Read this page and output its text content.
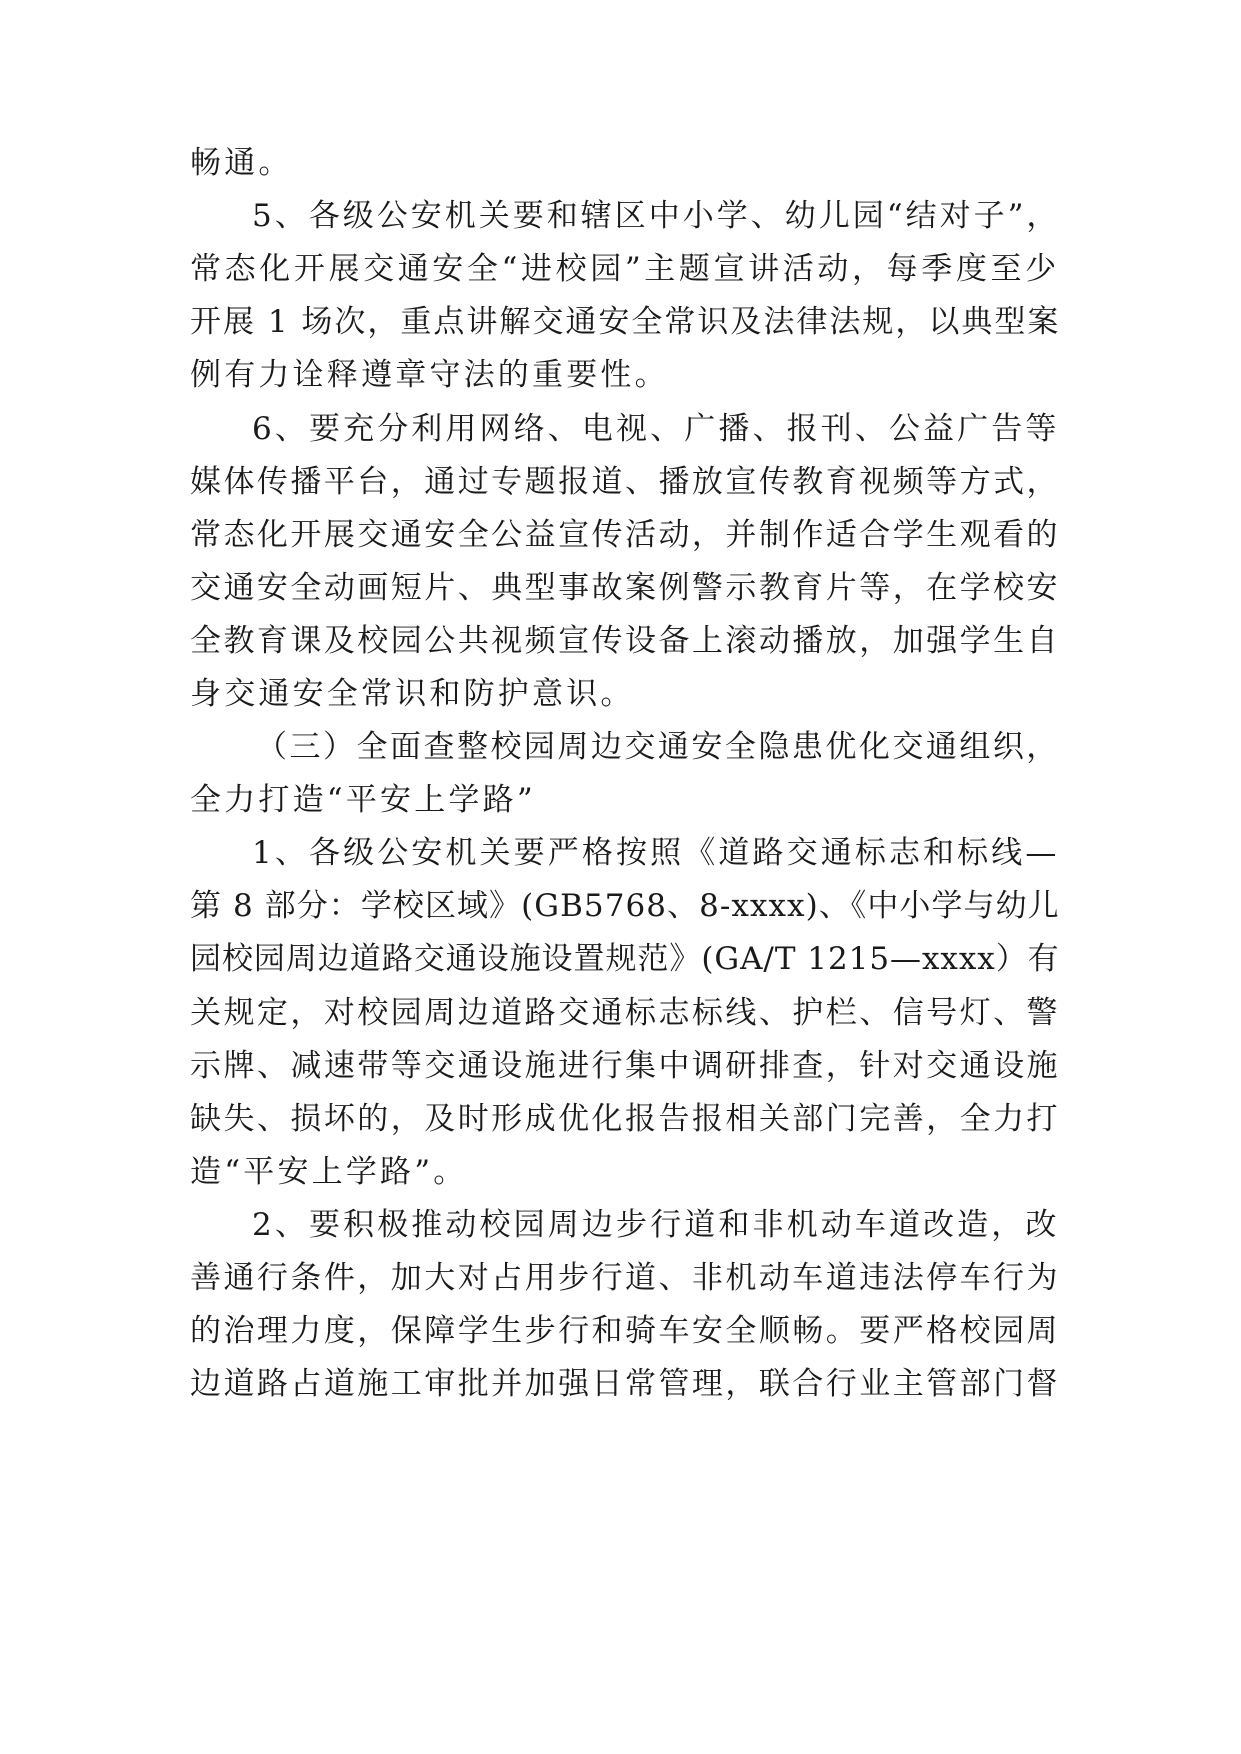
畅通。
5、各级公安机关要和辖区中小学、幼儿园“结对子”，
常态化开展交通安全“进校园”主题宣讲活动，每季度至少
开展 1 场次，重点讲解交通安全常识及法律法规，以典型案
例有力诠释遵章守法的重要性。
6、要充分利用网络、电视、广播、报刊、公益广告等
媒体传播平台，通过专题报道、播放宣传教育视频等方式，
常态化开展交通安全公益宣传活动，并制作适合学生观看的
交通安全动画短片、典型事故案例警示教育片等，在学校安
全教育课及校园公共视频宣传设备上滚动播放，加强学生自
身交通安全常识和防护意识。
（三）全面查整校园周边交通安全隐患优化交通组织，
全力打造“平安上学路”
1、各级公安机关要严格按照《道路交通标志和标线—
第 8 部分：学校区域》(GB5768、8-xxxx)、《中小学与幼儿
园校园周边道路交通设施设置规范》(GA/T 1215—xxxx）有
关规定，对校园周边道路交通标志标线、护栏、信号灯、警
示牌、减速带等交通设施进行集中调研排查，针对交通设施
缺失、损坏的，及时形成优化报告报相关部门完善，全力打
造“平安上学路”。
2、要积极推动校园周边步行道和非机动车道改造，改
善通行条件，加大对占用步行道、非机动车道违法停车行为
的治理力度，保障学生步行和骑车安全顺畅。要严格校园周
边道路占道施工审批并加强日常管理，联合行业主管部门督
